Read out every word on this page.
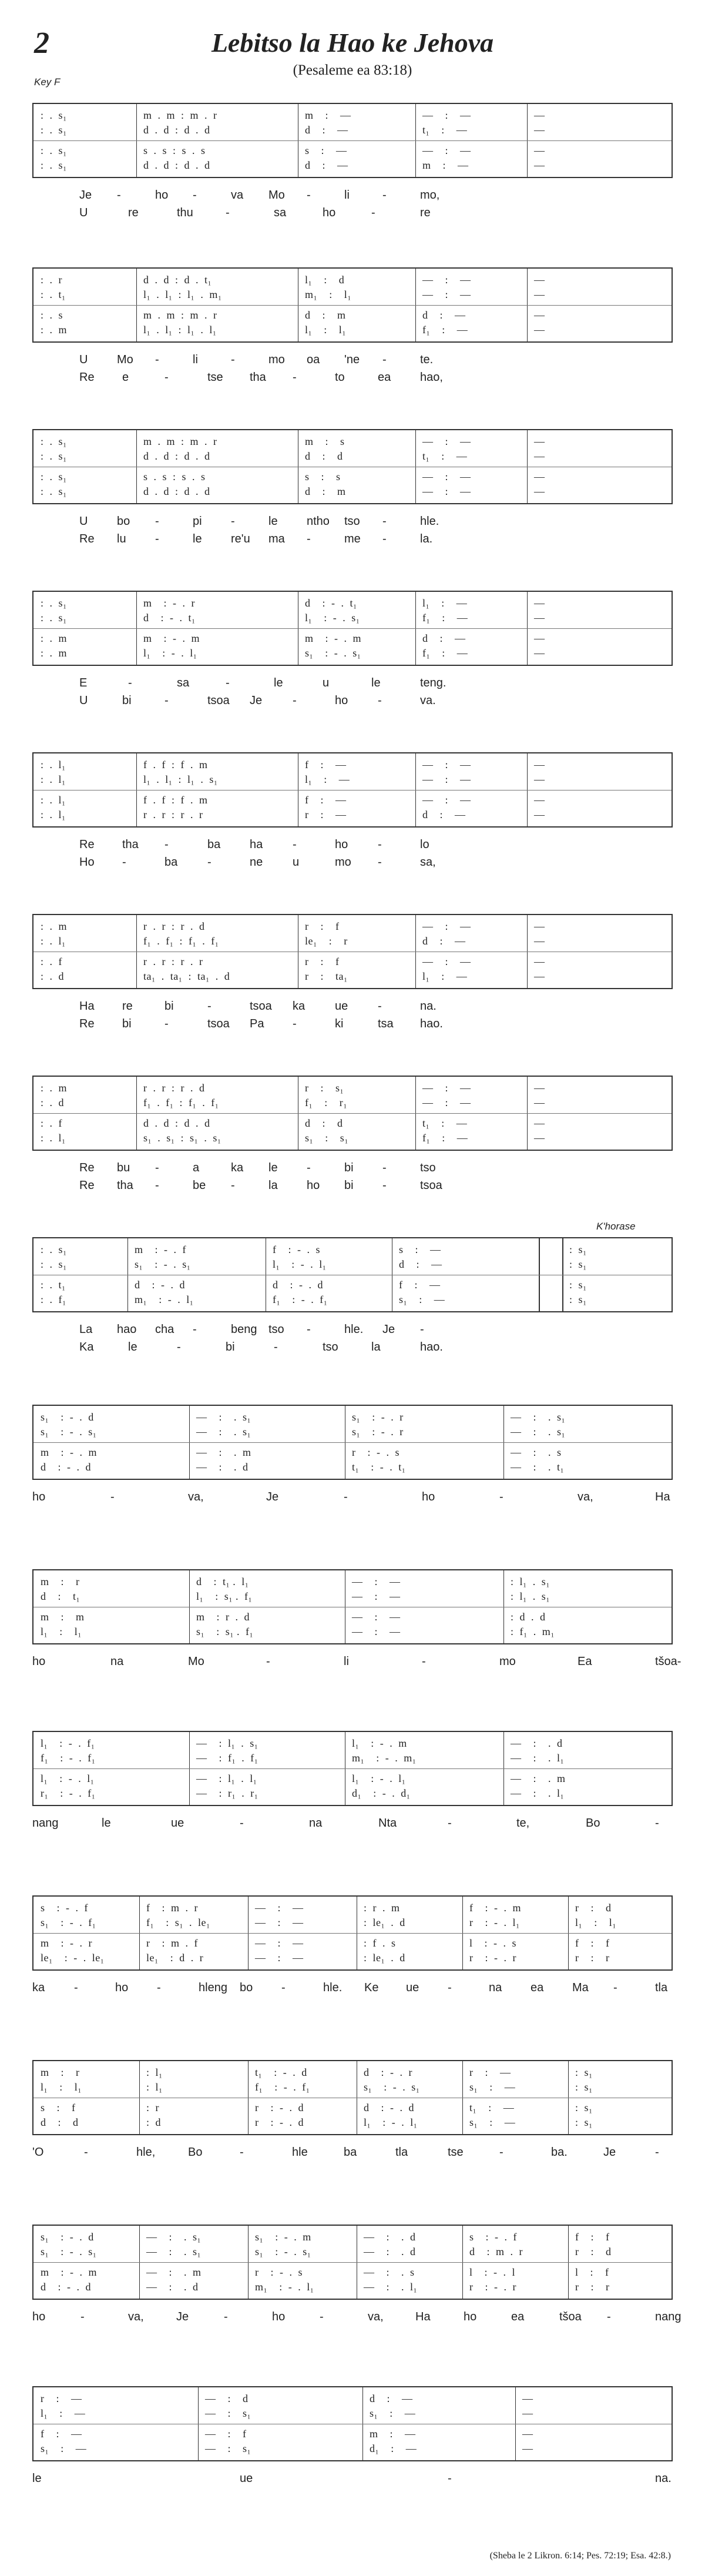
2	Lebitso la Hao ke Jehova
(Pesaleme ea 83:18)
Key F
:  .  s₁	m  .  m  :  m  .  r	m    :    —	—    :    —	—
:  .  s₁	d  .  d  :  d  .  d	d    :    —	t₁    :    —	—
:  .  s₁	s  .  s  :  s  .  s	s    :    —	—    :    —	—
:  .  s₁	d  .  d  :  d  .  d	d    :    —	m    :    —	—
Je -	ho -	va Mo -	li	-	mo,
U	re	thu	-	sa	ho	-	re
:  .  r	d  .  d  :  d  .  t₁	l₁    :    d	—    :    —	—
:  .  t₁	l₁  .  l₁  :  l₁  .  m₁	m₁    :    l₁	—    :    —	—
:  .  s	m  .  m  :  m  .  r	d    :    m	d    :    —	—
:  .  m	l₁  .  l₁  :  l₁  .  l₁	l₁    :    l₁	f₁    :    —	—
U Mo -	li	-	mo oa 'ne -	te.
Re e	-	tse tha -	to	ea hao,
:  .  s₁	m  .  m  :  m  .  r	m    :    s	—    :    —	—
:  .  s₁	d  .  d  :  d  .  d	d    :    d	t₁    :    —	—
:  .  s₁	s  .  s  :  s  .  s	s    :    s	—    :    —	—
:  .  s₁	d  .  d  :  d  .  d	d    :    m	—    :    —	—
U bo -	pi -	le ntho tso -	hle.
Re lu -	le re'u ma -	me -	la.
:  .  s₁	m    :  -  .  r	d    :  -  .  t₁	l₁    :    —	—
:  .  s₁	d    :  -  .  t₁	l₁    :  -  .  s₁	f₁    :    —	—
:  .  m	m    :  -  .  m	m    :  -  .  m	d    :    —	—
:  .  m	l₁    :  -  .  l₁	s₁    :  -  .  s₁	f₁    :    —	—
E	-	sa	-	le	u	le	teng.
U	bi	-	tsoa Je	-	ho	-	va.
:  .  l₁	f  .  f  :  f  .  m	f    :    —	—    :    —	—
:  .  l₁	l₁  .  l₁  :  l₁  .  s₁	l₁    :    —	—    :    —	—
:  .  l₁	f  .  f  :  f  .  m	f    :    —	—    :    —	—
:  .  l₁	r  .  r  :  r  .  r	r    :    —	d    :    —	—
Re tha -	ba ha	-	ho	-	lo
Ho -	ba	-	ne	u	mo -	sa,
:  .  m	r  .  r  :  r  .  d	r    :    f	—    :    —	—
:  .  l₁	f₁  .  f₁  :  f₁  .  f₁	le₁    :    r	d    :    —	—
:  .  f	r  .  r  :  r  .  r	r    :    f	—    :    —	—
:  .  d	ta₁  .  ta₁  :  ta₁  .  d	r    :    ta₁	l₁    :    —	—
Ha re	bi	-	tsoa ka	ue	-	na.
Re bi	-	tsoa Pa -	ki	tsa hao.
:  .  m	r  .  r  :  r  .  d	r    :    s₁	—    :    —	—
:  .  d	f₁  .  f₁  :  f₁  .  f₁	f₁    :    r₁	—    :    —	—
:  .  f	d  .  d  :  d  .  d	d    :    d	t₁    :    —	—
:  .  l₁	s₁  .  s₁  :  s₁  .  s₁	s₁    :    s₁	f₁    :    —	—
Re bu -	a	ka le -	bi -	tso
Re tha -	be -	la ho bi -	tsoa
:  .  s₁	m    :  -  .  f	f    :  -  .  s	s    :    —	:  s₁
:  .  s₁	s₁    :  -  .  s₁	l₁    :  -  .  l₁	d    :    —	:  s₁
:  .  t₁	d    :  -  .  d	d    :  -  .  d	f    :    —	:  s₁
:  .  f₁	m₁    :  -  .  l₁	f₁    :  -  .  f₁	s₁    :    —	:  s₁
La hao cha -	beng tso -	hle. Je -
Ka	le	-	bi	-	tso	la	hao.
s₁    :  -  .  d	—    :    .  s₁	s₁    :  -  .  r	—    :    .  s₁
s₁    :  -  .  s₁	—    :    .  s₁	s₁    :  -  .  r	—    :    .  s₁
m    :  -  .  m	—    :    .  m	r    :  -  .  s	—    :    .  s
d    :  -  .  d	—    :    .  d	t₁    :  -  .  t₁	—    :    .  t₁
ho	-	va,	Je	-	ho	-	va,	Ha
m    :    r	d    :  t₁ .  l₁	—    :    —	:  l₁  .  s₁
d    :    t₁	l₁    :  s₁ .  f₁	—    :    —	:  l₁  .  s₁
m    :    m	m    :  r  .  d	—    :    —	:  d  .  d
l₁    :    l₁	s₁    :  s₁ .  f₁	—    :    —	:  f₁  .  m₁
ho	na	Mo	-	li	-	mo	Ea	tšoa-
l₁    :  -  .  f₁	—    :  l₁  .  s₁	l₁    :  -  .  m	—    :    .  d
f₁    :  -  .  f₁	—    :  f₁  .  f₁	m₁    :  -  .  m₁	—    :    .  l₁
l₁    :  -  .  l₁	—    :  l₁  .  l₁	l₁    :  -  .  l₁	—    :    .  m
r₁    :  -  .  f₁	—    :  r₁  .  r₁	d₁    :  -  .  d₁	—    :    .  l₁
nang	le	ue	-	na	Nta	-	te,	Bo	-
s    :  -  .  f	f    :  m  .  r	—    :    —	:  r  .  m	f    :  -  .  m	r    :    d
s₁    :  -  .  f₁	f₁    :  s₁  .  le₁	—    :    —	:  le₁  .  d	r    :  -  .  l₁	l₁    :    l₁
m    :  -  .  r	r    :  m  .  f	—    :    —	:  f  .  s	l    :  -  .  s	f    :    f
le₁    :  -  .  le₁	le₁    :  d  .  r	—    :    —	:  le₁  .  d	r    :  -  .  r	r    :    r
ka -	ho -	hleng bo -	hle. Ke ue -	na ea Ma -	tla
m    :    r	:  l₁	t₁    :  -  .  d	d    :  -  .  r	r    :    —	:  s₁
l₁    :    l₁	:  l₁	f₁    :  -  .  f₁	s₁    :  -  .  s₁	s₁    :    —	:  s₁
s    :    f	:  r	r    :  -  .  d	d    :  -  .  d	t₁    :    —	:  s₁
d    :    d	:  d	r    :  -  .  d	l₁    :  -  .  l₁	s₁    :    —	:  s₁
'O	-	hle,	Bo	-	hle	ba	tla	tse	-	ba.	Je	-
s₁    :  -  .  d	—    :    .  s₁	s₁    :  -  .  m	—    :    .  d	s    :  -  .  f	f    :    f
s₁    :  -  .  s₁	—    :    .  s₁	s₁    :  -  .  s₁	—    :    .  d	d    :  m  .  r	r    :    d
m    :  -  .  m	—    :    .  m	r    :  -  .  s	—    :    .  s	l    :  -  .  l	l    :    f
d    :  -  .  d	—    :    .  d	m₁    :  -  .  l₁	—    :    .  l₁	r    :  -  .  r	r    :    r
ho	-	va,	Je	-	ho	-	va,	Ha	ho	ea	tšoa -	nang
r    :    —	—    :    d	d    :    —	—
l₁    :    —	—    :    s₁	s₁    :    —	—
f    :    —	—    :    f	m    :    —	—
s₁    :    —	—    :    s₁	d₁    :    —	—
le	ue	-	na.
K'horase
(Sheba le 2 Likron. 6:14; Pes. 72:19; Esa. 42:8.)
